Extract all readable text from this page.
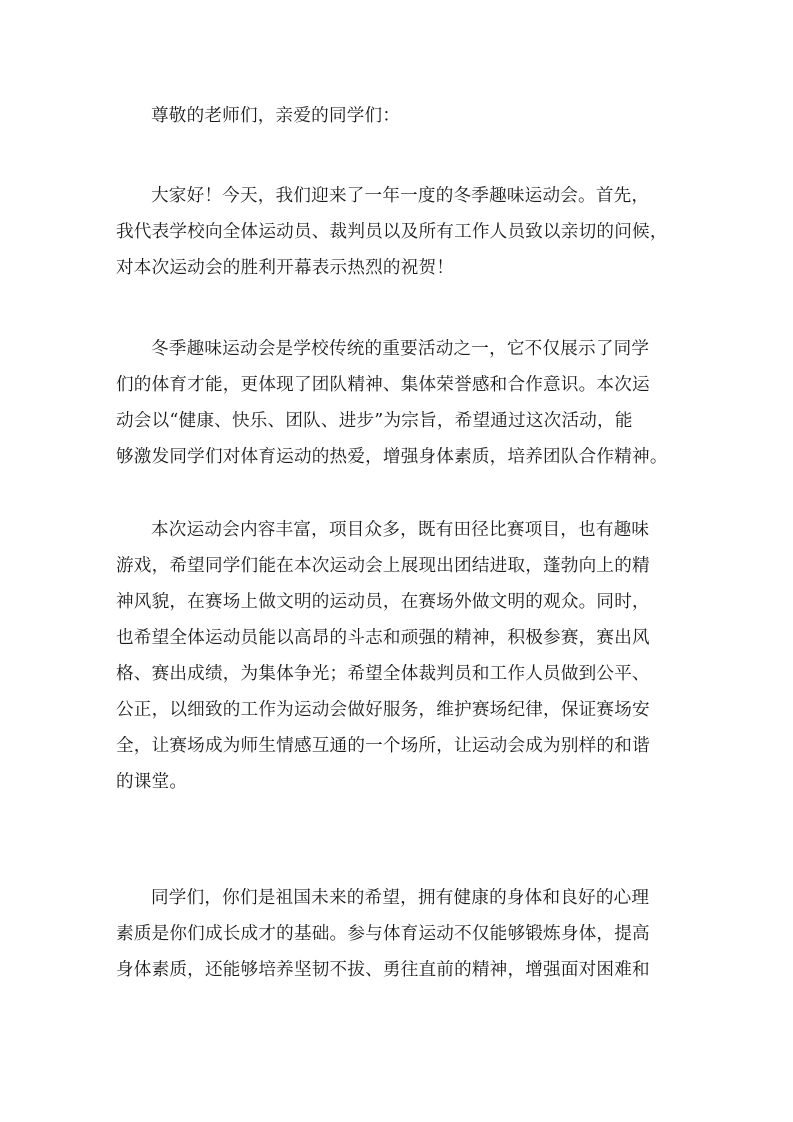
尊敬的老师们，亲爱的同学们：
大家好！今天，我们迎来了一年一度的冬季趣味运动会。首先，
我代表学校向全体运动员、裁判员以及所有工作人员致以亲切的问候，
对本次运动会的胜利开幕表示热烈的祝贺！
冬季趣味运动会是学校传统的重要活动之一，它不仅展示了同学
们的体育才能，更体现了团队精神、集体荣誉感和合作意识。本次运
动会以“健康、快乐、团队、进步”为宗旨，希望通过这次活动，能
够激发同学们对体育运动的热爱，增强身体素质，培养团队合作精神。
本次运动会内容丰富，项目众多，既有田径比赛项目，也有趣味
游戏，希望同学们能在本次运动会上展现出团结进取，蓬勃向上的精
神风貌，在赛场上做文明的运动员，在赛场外做文明的观众。同时，
也希望全体运动员能以高昂的斗志和顽强的精神，积极参赛，赛出风
格、赛出成绩，为集体争光；希望全体裁判员和工作人员做到公平、
公正，以细致的工作为运动会做好服务，维护赛场纪律，保证赛场安
全，让赛场成为师生情感互通的一个场所，让运动会成为别样的和谐
的课堂。
同学们，你们是祖国未来的希望，拥有健康的身体和良好的心理
素质是你们成长成才的基础。参与体育运动不仅能够锻炼身体，提高
身体素质，还能够培养坚韧不拔、勇往直前的精神，增强面对困难和
